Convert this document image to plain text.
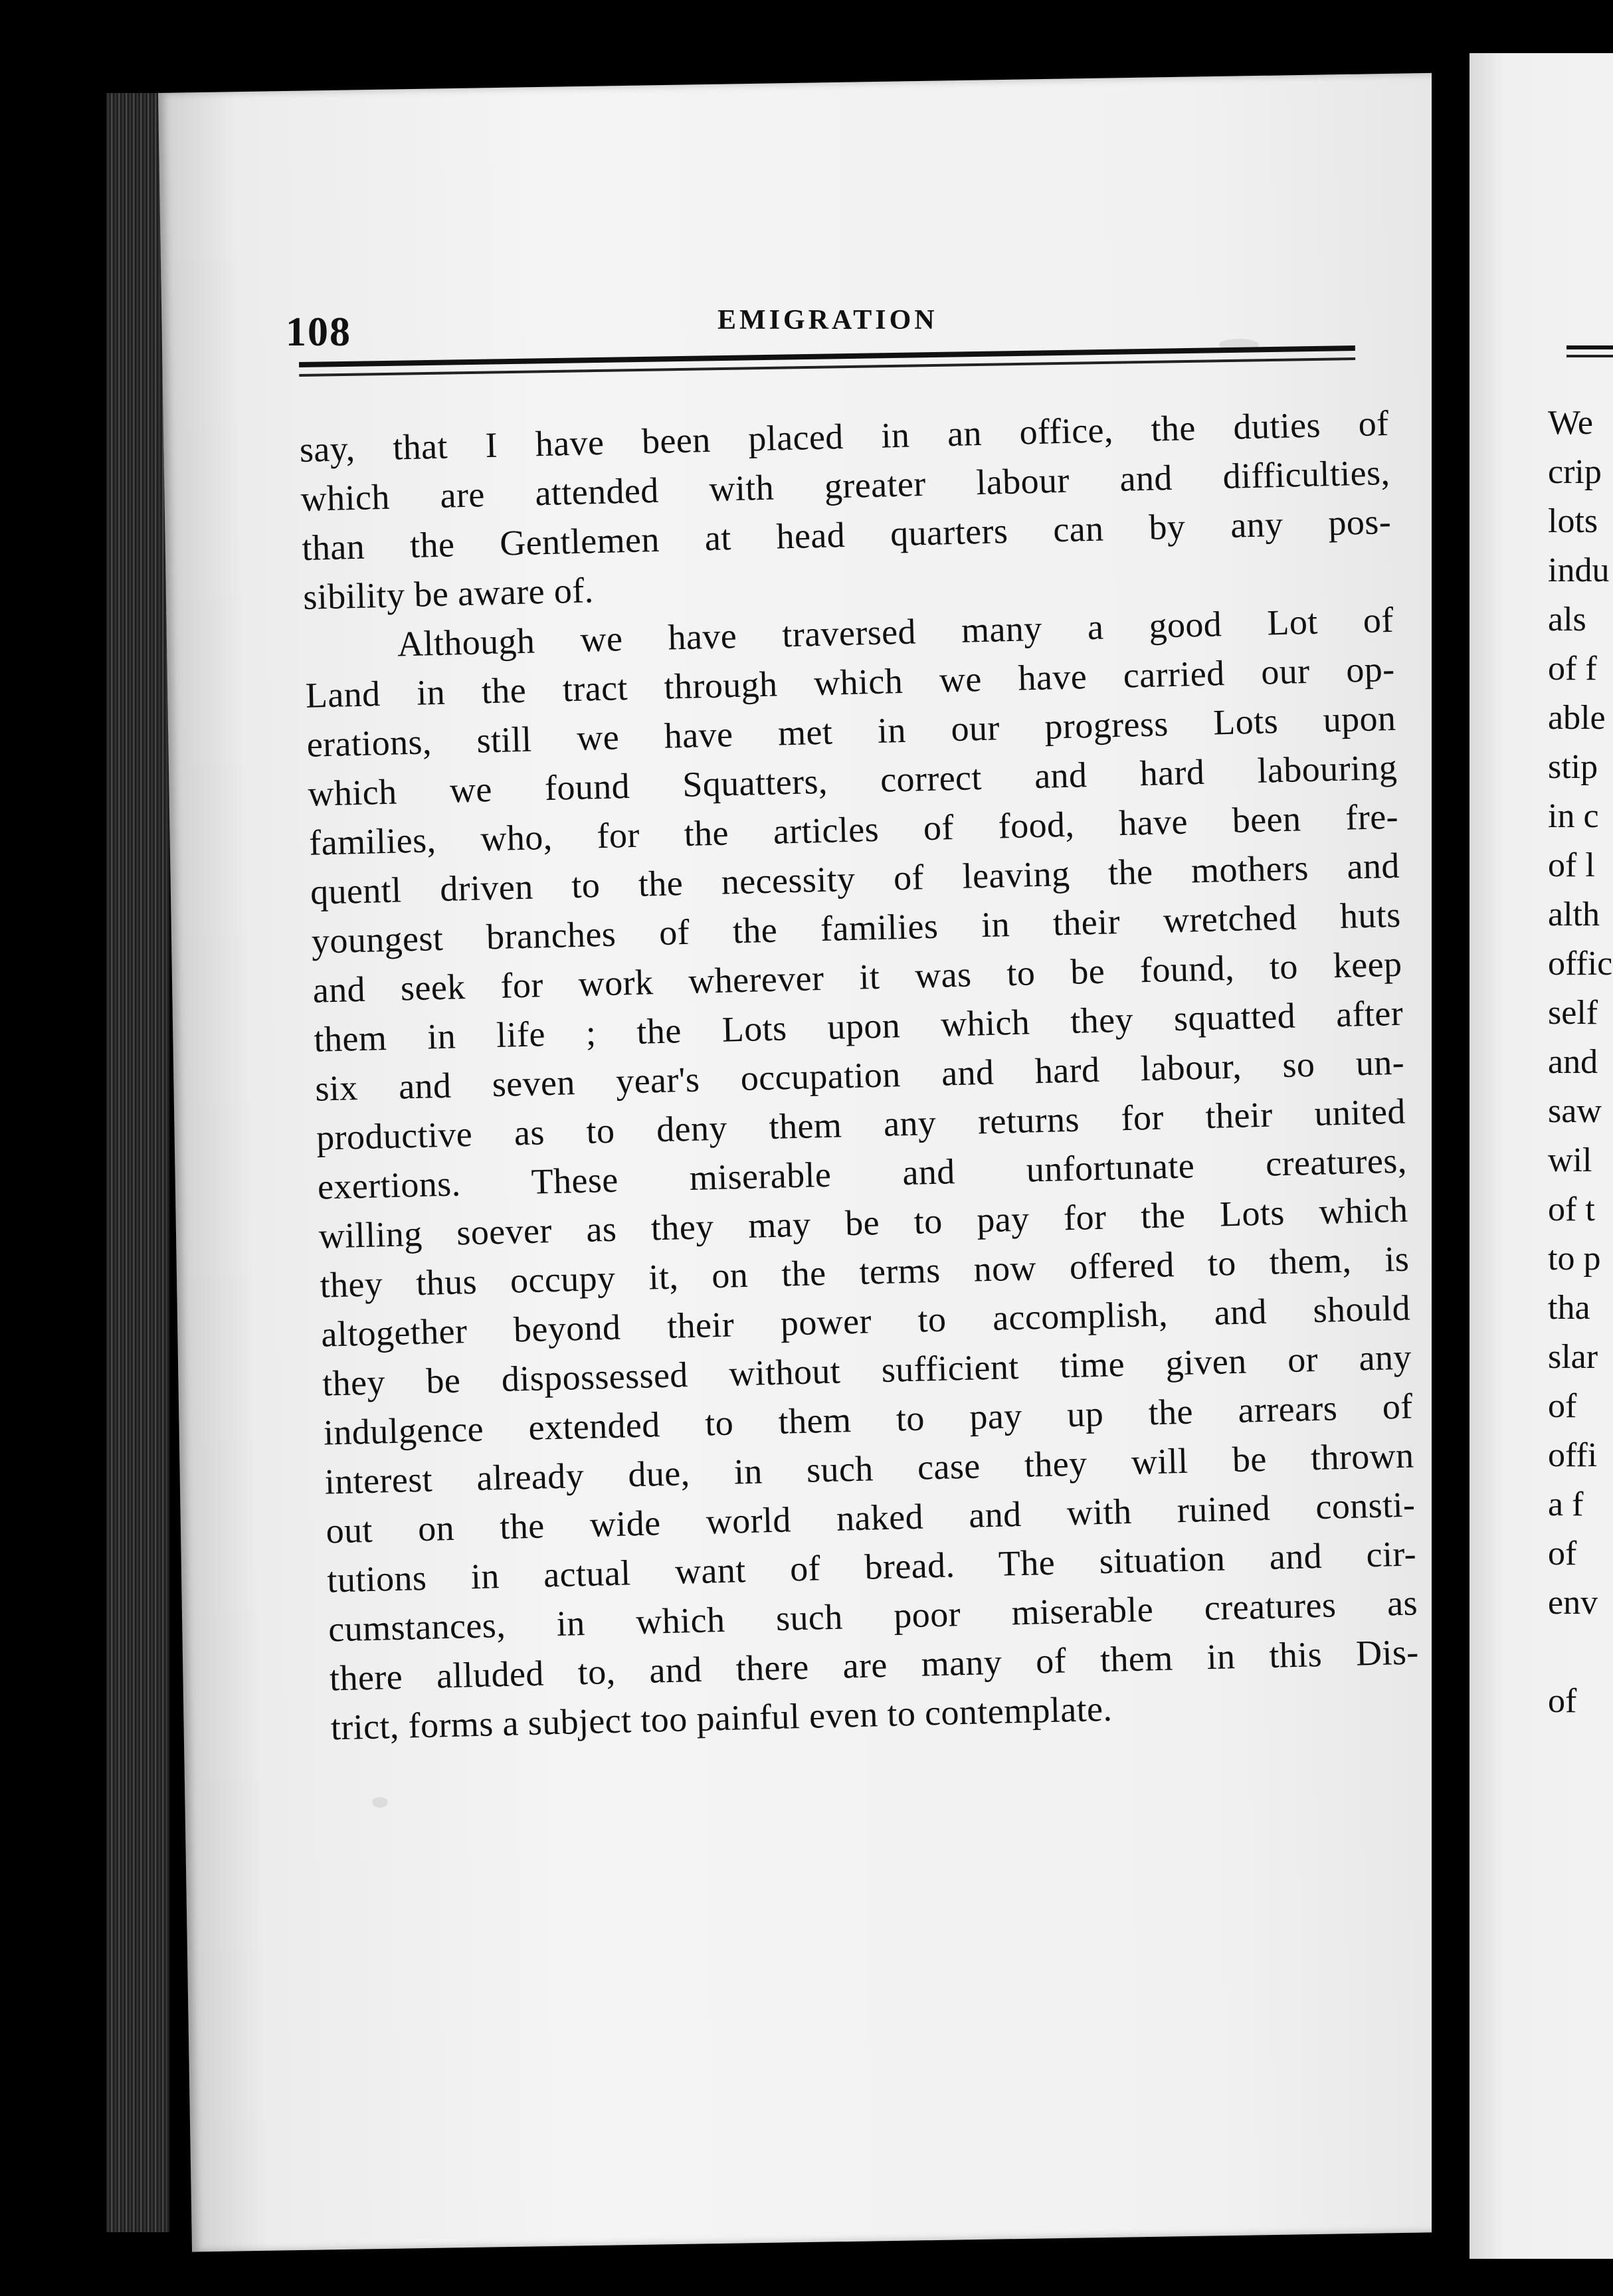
108	EMIGRATION
say, that I have been placed in an office, the duties of
which are attended with greater labour and difficulties,
than the Gentlemen at head quarters can by any pos-
sibility be aware of.
Although we have traversed many a good Lot of
Land in the tract through which we have carried our op-
erations, still we have met in our progress Lots upon
which we found Squatters, correct and hard labouring
families, who, for the articles of food, have been fre-
quentl driven to the necessity of leaving the mothers and
youngest branches of the families in their wretched huts
and seek for work wherever it was to be found, to keep
them in life ; the Lots upon which they squatted after
six and seven year's occupation and hard labour, so un-
productive as to deny them any returns for their united
exertions. These miserable and unfortunate creatures,
willing soever as they may be to pay for the Lots which
they thus occupy it, on the terms now offered to them, is
altogether beyond their power to accomplish, and should
they be dispossessed without sufficient time given or any
indulgence extended to them to pay up the arrears of
interest already due, in such case they will be thrown
out on the wide world naked and with ruined consti-
tutions in actual want of bread. The situation and cir-
cumstances, in which such poor miserable creatures as
there alluded to, and there are many of them in this Dis-
trict, forms a subject too painful even to contemplate.
We
crip
lots
indu
als
of f
able
stip
in c
of l
alth
offic
self
and
saw
wil
of t
to p
tha
slar
of
offi
a f
of
env
of
